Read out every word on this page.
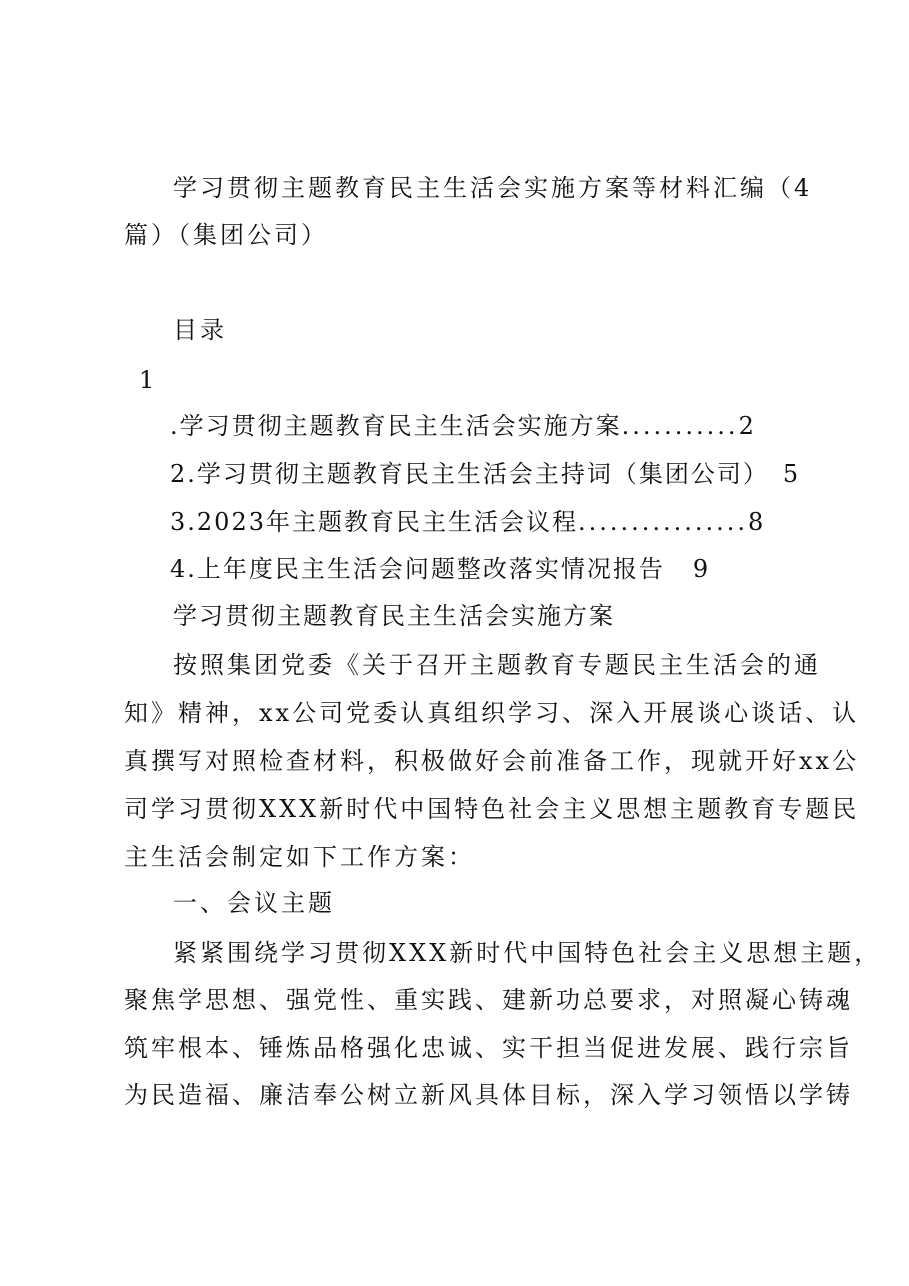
学习贯彻主题教育民主生活会实施方案等材料汇编（4
篇）（集团公司）
目录
1
.学习贯彻主题教育民主生活会实施方案...........2
2.学习贯彻主题教育民主生活会主持词（集团公司） 5
3.2023年主题教育民主生活会议程................8
4.上年度民主生活会问题整改落实情况报告 9
学习贯彻主题教育民主生活会实施方案
按照集团党委《关于召开主题教育专题民主生活会的通
知》精神，xx公司党委认真组织学习、深入开展谈心谈话、认
真撰写对照检查材料，积极做好会前准备工作，现就开好xx公
司学习贯彻XXX新时代中国特色社会主义思想主题教育专题民
主生活会制定如下工作方案：
一、会议主题
紧紧围绕学习贯彻XXX新时代中国特色社会主义思想主题，
聚焦学思想、强党性、重实践、建新功总要求，对照凝心铸魂
筑牢根本、锤炼品格强化忠诚、实干担当促进发展、践行宗旨
为民造福、廉洁奉公树立新风具体目标，深入学习领悟以学铸
